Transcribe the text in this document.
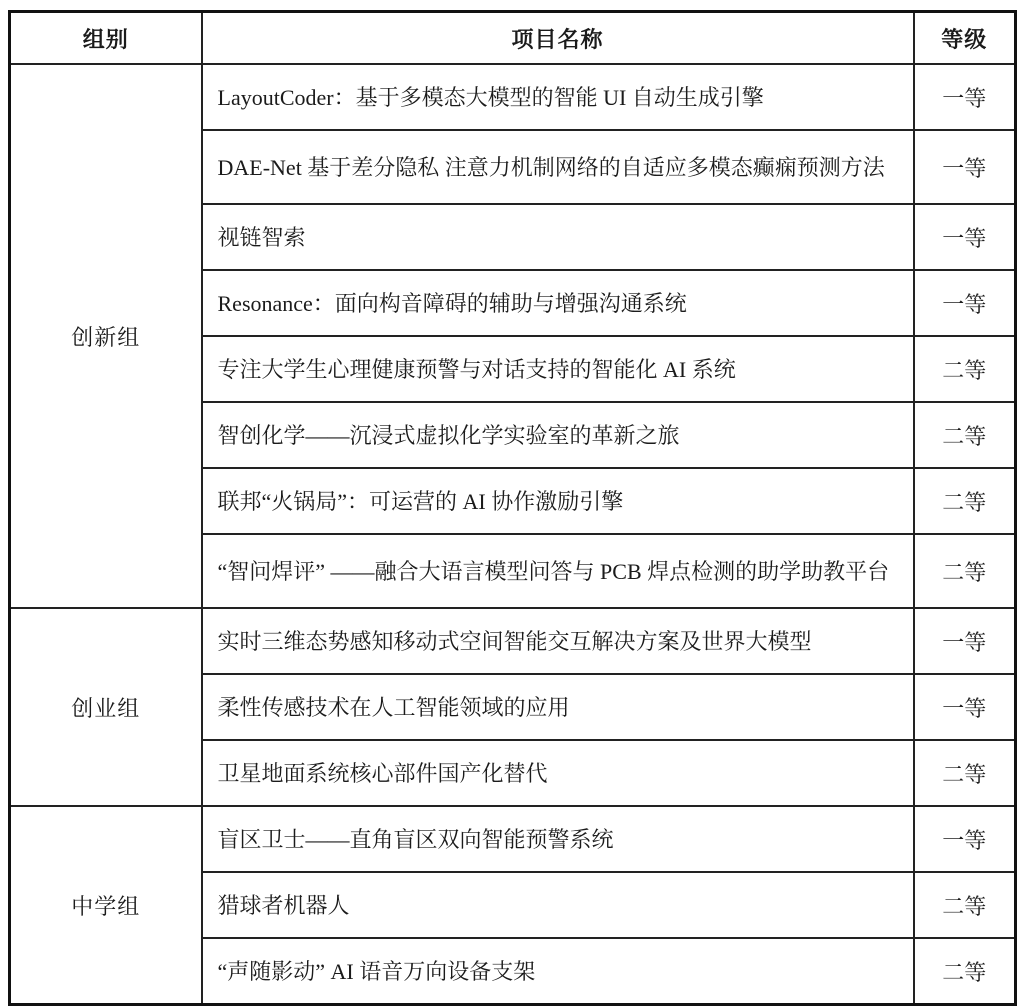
组别	项目名称	等级
创新组	LayoutCoder：基于多模态大模型的智能 UI 自动生成引擎	一等
	DAE-Net 基于差分隐私 注意力机制网络的自适应多模态癫痫预测方法	一等
	视链智索	一等
	Resonance：面向构音障碍的辅助与增强沟通系统	一等
	专注大学生心理健康预警与对话支持的智能化 AI 系统	二等
	智创化学——沉浸式虚拟化学实验室的革新之旅	二等
	联邦“火锅局”：可运营的 AI 协作激励引擎	二等
	“智问焊评” ——融合大语言模型问答与 PCB 焊点检测的助学助教平台	二等
创业组	实时三维态势感知移动式空间智能交互解决方案及世界大模型	一等
	柔性传感技术在人工智能领域的应用	一等
	卫星地面系统核心部件国产化替代	二等
中学组	盲区卫士——直角盲区双向智能预警系统	一等
	猎球者机器人	二等
	“声随影动” AI 语音万向设备支架	二等
